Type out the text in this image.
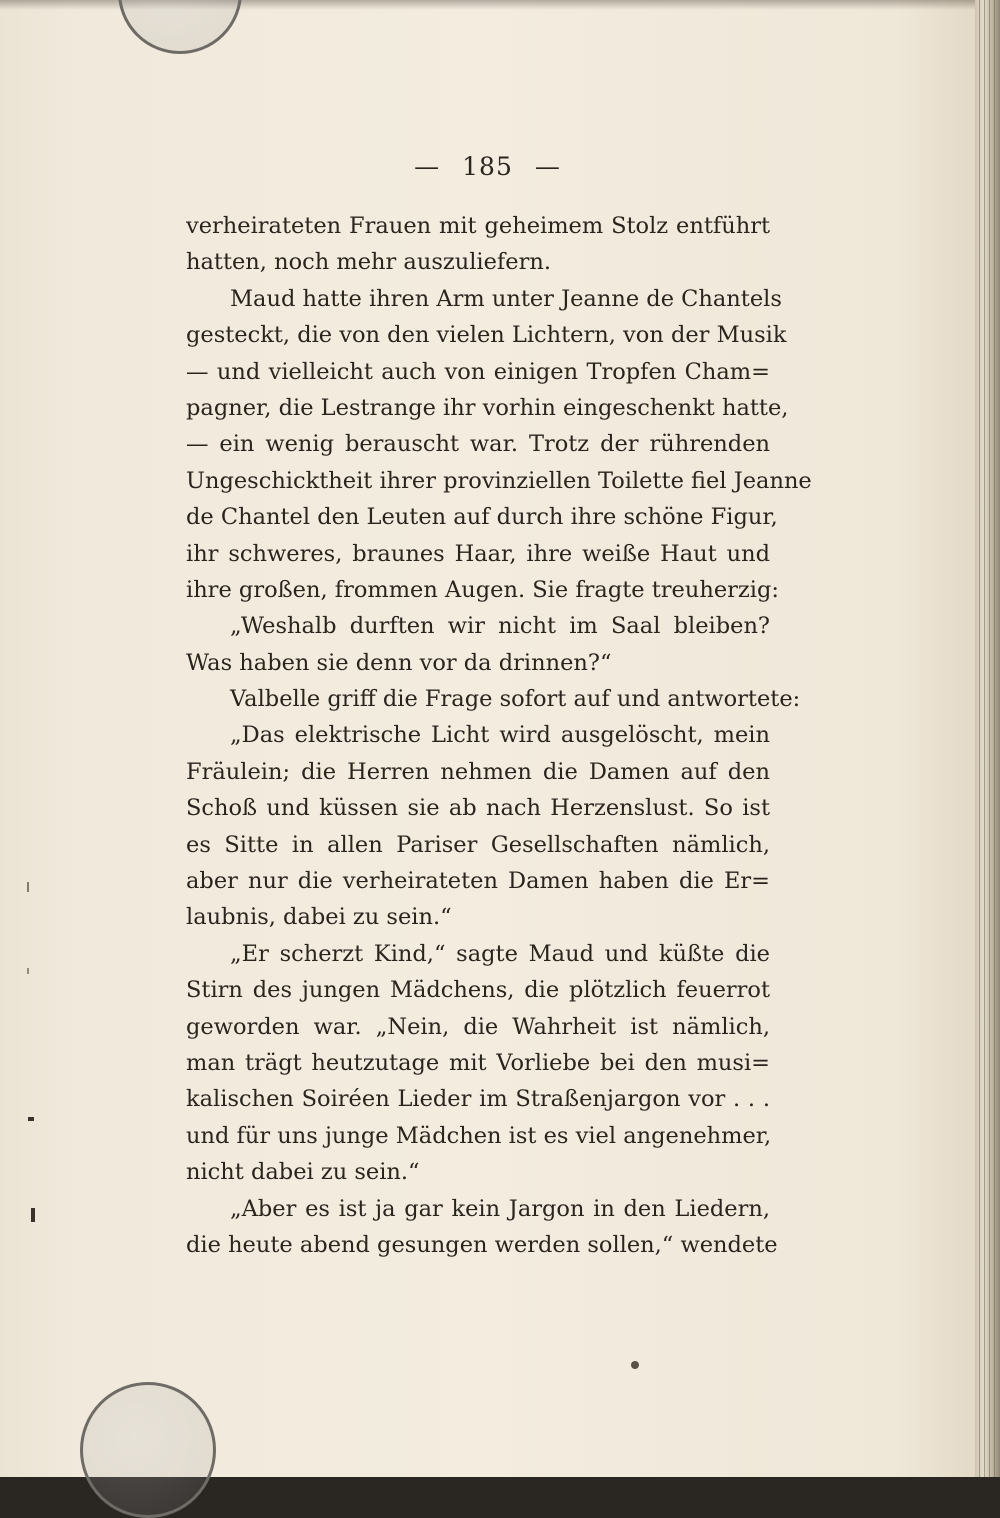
— 185 —
verheirateten Frauen mit geheimem Stolz entführt
hatten, noch mehr auszuliefern.
Maud hatte ihren Arm unter Jeanne de Chantels
gesteckt, die von den vielen Lichtern, von der Musik
— und vielleicht auch von einigen Tropfen Cham=
pagner, die Lestrange ihr vorhin eingeschenkt hatte,
— ein wenig berauscht war. Trotz der rührenden
Ungeschicktheit ihrer provinziellen Toilette fiel Jeanne
de Chantel den Leuten auf durch ihre schöne Figur,
ihr schweres, braunes Haar, ihre weiße Haut und
ihre großen, frommen Augen. Sie fragte treuherzig:
„Weshalb durften wir nicht im Saal bleiben?
Was haben sie denn vor da drinnen?“
Valbelle griff die Frage sofort auf und antwortete:
„Das elektrische Licht wird ausgelöscht, mein
Fräulein; die Herren nehmen die Damen auf den
Schoß und küssen sie ab nach Herzenslust. So ist
es Sitte in allen Pariser Gesellschaften nämlich,
aber nur die verheirateten Damen haben die Er=
laubnis, dabei zu sein.“
„Er scherzt Kind,“ sagte Maud und küßte die
Stirn des jungen Mädchens, die plötzlich feuerrot
geworden war. „Nein, die Wahrheit ist nämlich,
man trägt heutzutage mit Vorliebe bei den musi=
kalischen Soiréen Lieder im Straßenjargon vor . . .
und für uns junge Mädchen ist es viel angenehmer,
nicht dabei zu sein.“
„Aber es ist ja gar kein Jargon in den Liedern,
die heute abend gesungen werden sollen,“ wendete
